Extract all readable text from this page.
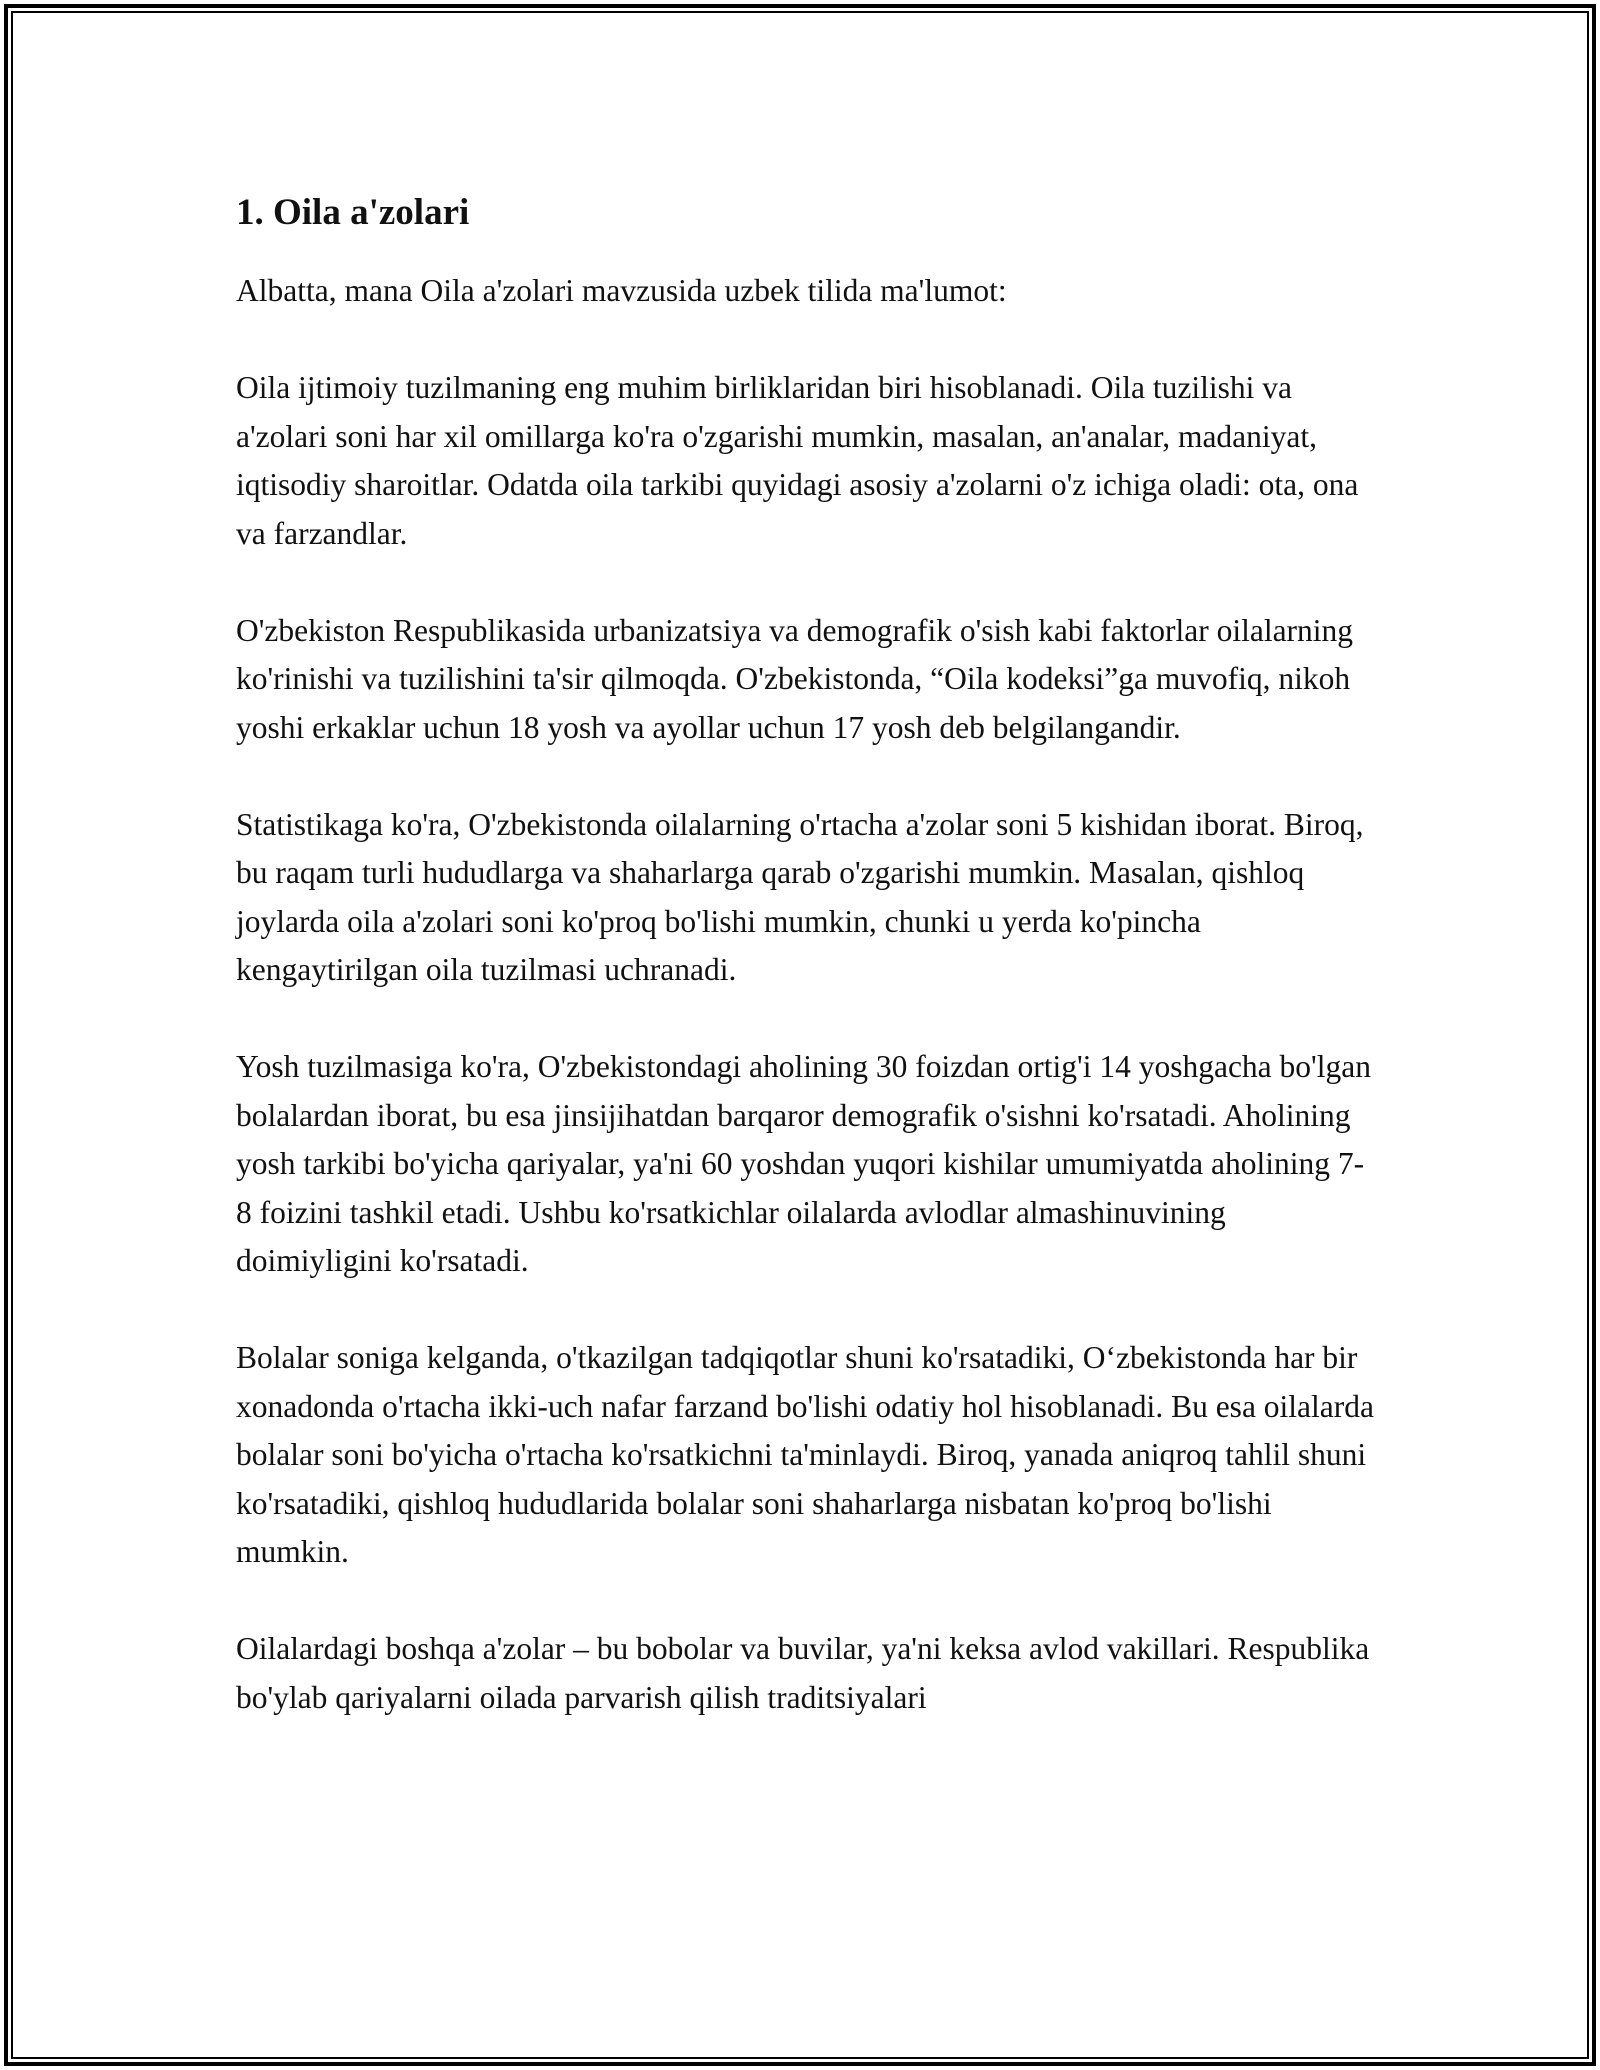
1. Oila a'zolari

Albatta, mana Oila a'zolari mavzusida uzbek tilida ma'lumot:

Oila ijtimoiy tuzilmaning eng muhim birliklaridan biri hisoblanadi. Oila tuzilishi va a'zolari soni har xil omillarga ko'ra o'zgarishi mumkin, masalan, an'analar, madaniyat, iqtisodiy sharoitlar. Odatda oila tarkibi quyidagi asosiy a'zolarni o'z ichiga oladi: ota, ona va farzandlar.

O'zbekiston Respublikasida urbanizatsiya va demografik o'sish kabi faktorlar oilalarning ko'rinishi va tuzilishini ta'sir qilmoqda. O'zbekistonda, “Oila kodeksi”ga muvofiq, nikoh yoshi erkaklar uchun 18 yosh va ayollar uchun 17 yosh deb belgilangandir.

Statistikaga ko'ra, O'zbekistonda oilalarning o'rtacha a'zolar soni 5 kishidan iborat. Biroq, bu raqam turli hududlarga va shaharlarga qarab o'zgarishi mumkin. Masalan, qishloq joylarda oila a'zolari soni ko'proq bo'lishi mumkin, chunki u yerda ko'pincha kengaytirilgan oila tuzilmasi uchranadi.

Yosh tuzilmasiga ko'ra, O'zbekistondagi aholining 30 foizdan ortig'i 14 yoshgacha bo'lgan bolalardan iborat, bu esa jinsijihatdan barqaror demografik o'sishni ko'rsatadi. Aholining yosh tarkibi bo'yicha qariyalar, ya'ni 60 yoshdan yuqori kishilar umumiyatda aholining 7-8 foizini tashkil etadi. Ushbu ko'rsatkichlar oilalarda avlodlar almashinuvining doimiyligini ko'rsatadi.

Bolalar soniga kelganda, o'tkazilgan tadqiqotlar shuni ko'rsatadiki, O‘zbekistonda har bir xonadonda o'rtacha ikki-uch nafar farzand bo'lishi odatiy hol hisoblanadi. Bu esa oilalarda bolalar soni bo'yicha o'rtacha ko'rsatkichni ta'minlaydi. Biroq, yanada aniqroq tahlil shuni ko'rsatadiki, qishloq hududlarida bolalar soni shaharlarga nisbatan ko'proq bo'lishi mumkin.

Oilalardagi boshqa a'zolar – bu bobolar va buvilar, ya'ni keksa avlod vakillari. Respublika bo'ylab qariyalarni oilada parvarish qilish traditsiyalari
